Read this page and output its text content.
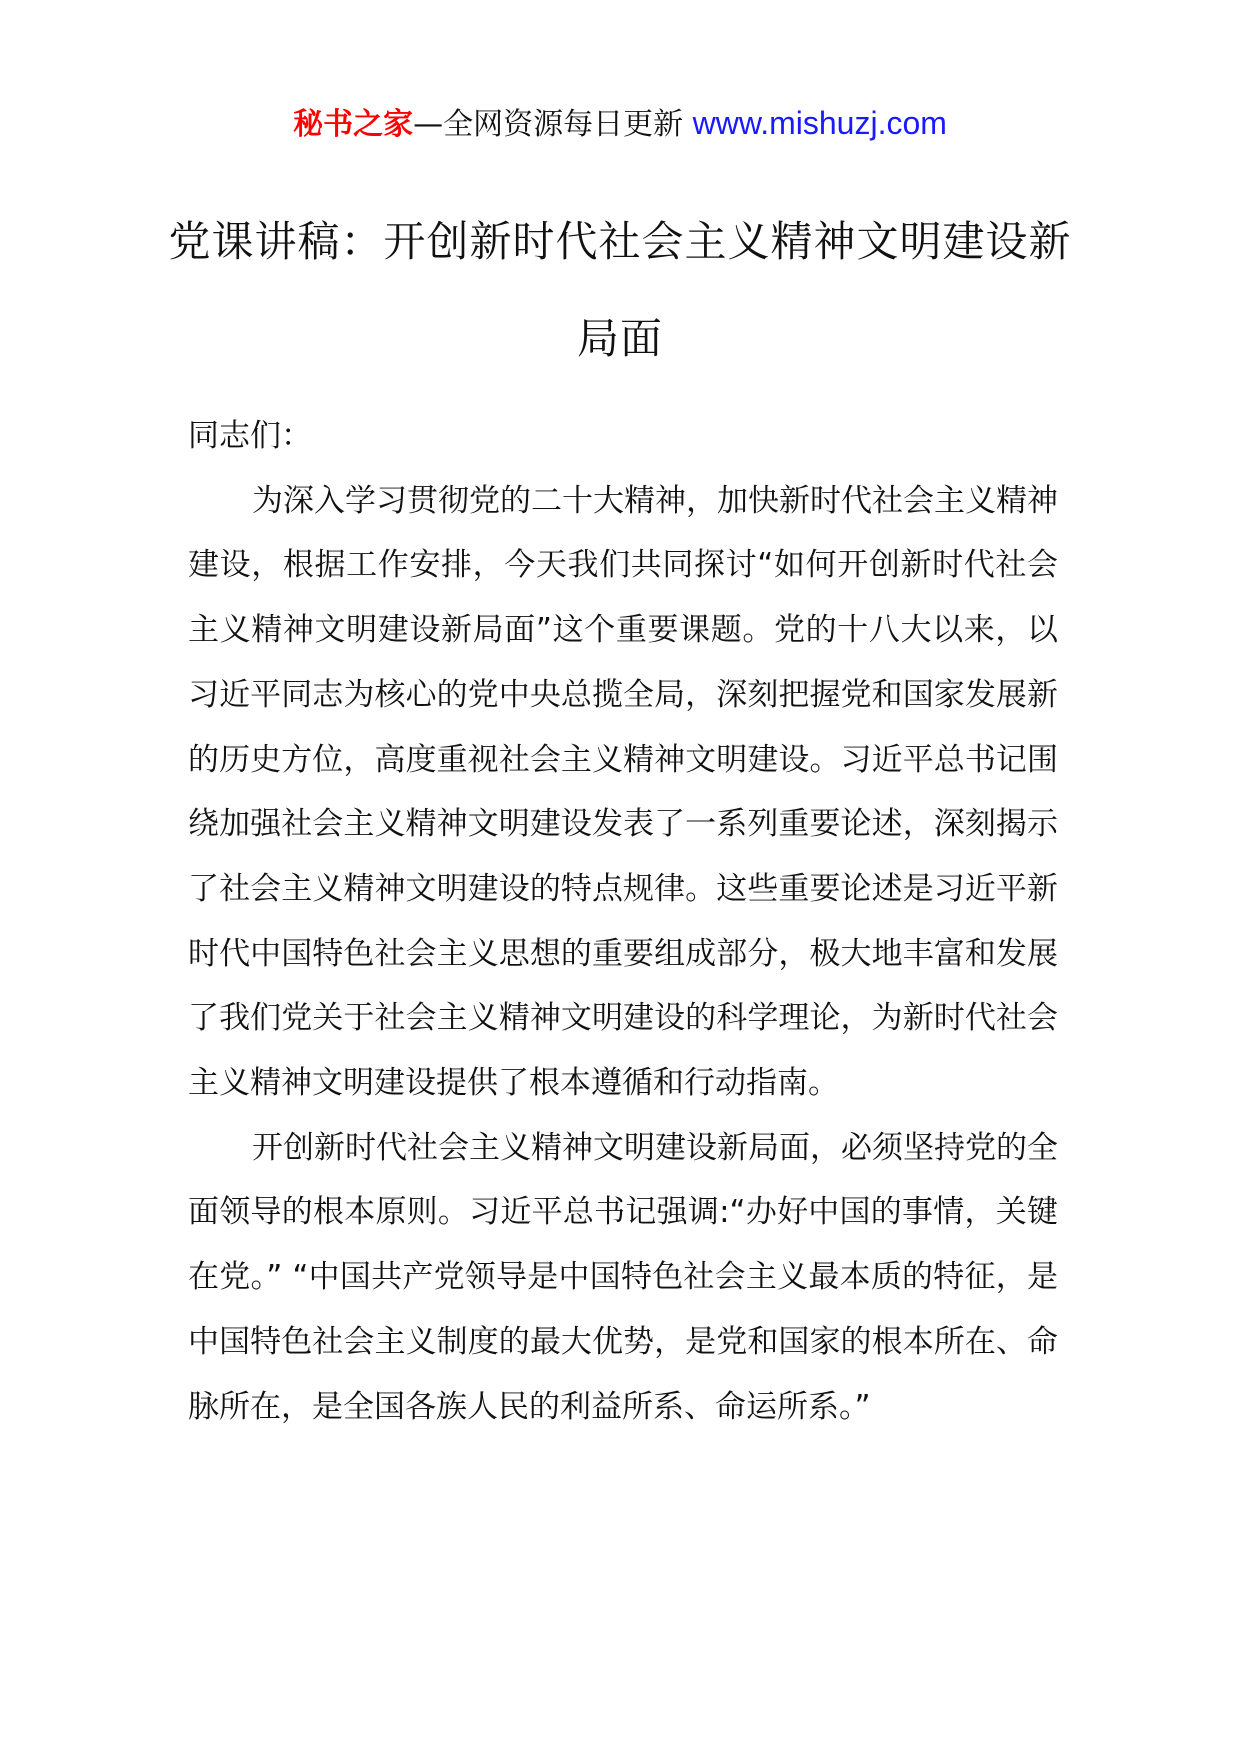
秘书之家—全网资源每日更新 www.mishuzj.com
党课讲稿：开创新时代社会主义精神文明建设新局面

同志们：

为深入学习贯彻党的二十大精神，加快新时代社会主义精神建设，根据工作安排，今天我们共同探讨“如何开创新时代社会主义精神文明建设新局面”这个重要课题。党的十八大以来，以习近平同志为核心的党中央总揽全局，深刻把握党和国家发展新的历史方位，高度重视社会主义精神文明建设。习近平总书记围绕加强社会主义精神文明建设发表了一系列重要论述，深刻揭示了社会主义精神文明建设的特点规律。这些重要论述是习近平新时代中国特色社会主义思想的重要组成部分，极大地丰富和发展了我们党关于社会主义精神文明建设的科学理论，为新时代社会主义精神文明建设提供了根本遵循和行动指南。

开创新时代社会主义精神文明建设新局面，必须坚持党的全面领导的根本原则。习近平总书记强调:“办好中国的事情，关键在党。” “中国共产党领导是中国特色社会主义最本质的特征，是中国特色社会主义制度的最大优势，是党和国家的根本所在、命脉所在，是全国各族人民的利益所系、命运所系。”
